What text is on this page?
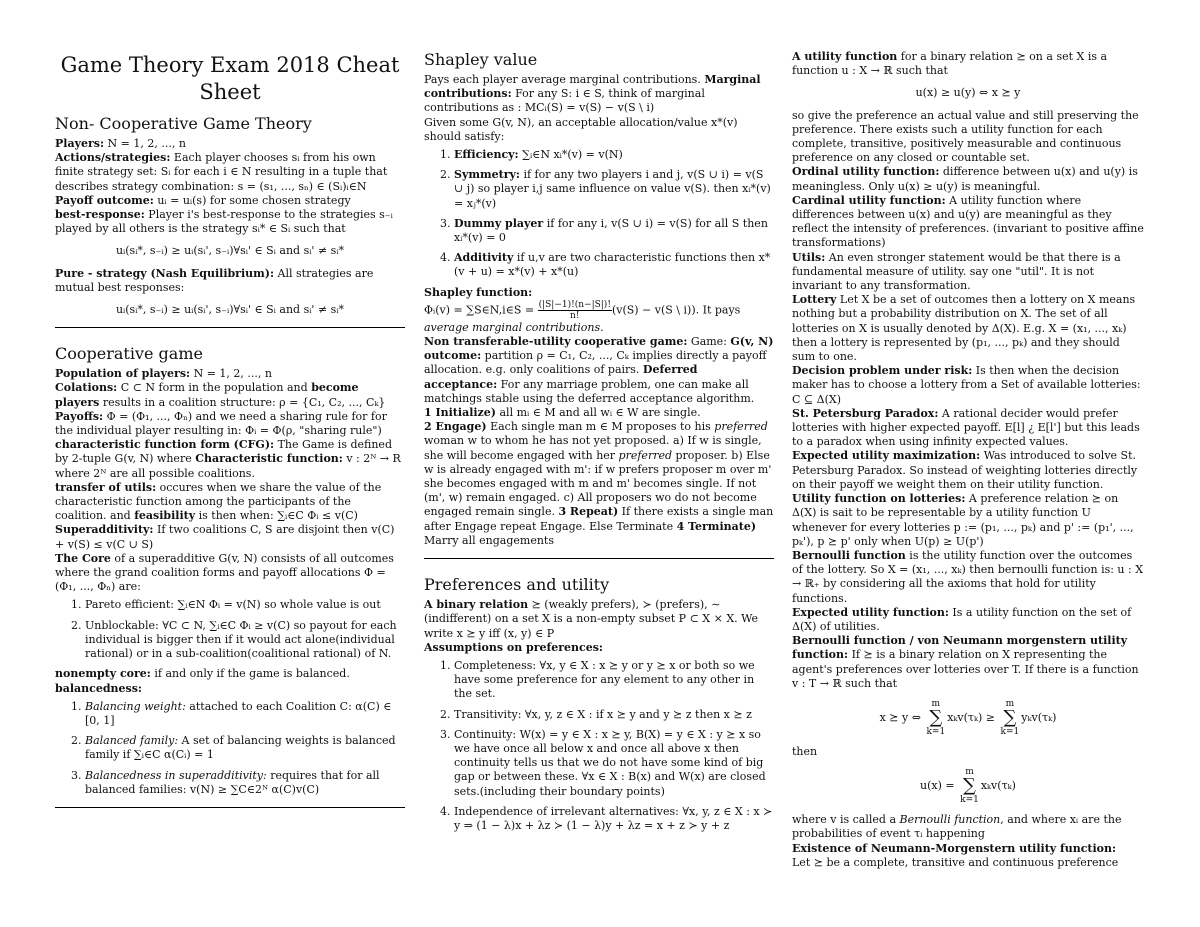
Game Theory Exam 2018 Cheat Sheet
Non- Cooperative Game Theory

Players: N = 1, 2, ..., n

Actions/strategies: Each player chooses sᵢ from his own finite strategy set: Sᵢ for each i ∈ N resulting in a tuple that describes strategy combination: s = (s₁, ..., sₙ) ∈ (Sᵢ)ᵢ∈N

Payoff outcome: uᵢ = uᵢ(s) for some chosen strategy

best-response: Player i's best-response to the strategies s₋ᵢ played by all others is the strategy sᵢ* ∈ Sᵢ such that

uᵢ(sᵢ*, s₋ᵢ) ≥ uᵢ(sᵢ', s₋ᵢ)∀sᵢ' ∈ Sᵢ and sᵢ' ≠ sᵢ*

Pure - strategy (Nash Equilibrium): All strategies are mutual best responses:

uᵢ(sᵢ*, s₋ᵢ) ≥ uᵢ(sᵢ', s₋ᵢ)∀sᵢ' ∈ Sᵢ and sᵢ' ≠ sᵢ*
Cooperative game

Population of players: N = 1, 2, ..., n

Colations: C ⊂ N form in the population and become players results in a coalition structure: ρ = {C₁, C₂, ..., Cₖ}

Payoffs: Φ = (Φ₁, ..., Φₙ) and we need a sharing rule for for the individual player resulting in: Φᵢ = Φ(ρ, "sharing rule")

characteristic function form (CFG): The Game is defined by 2-tuple G(v, N) where Characteristic function: v : 2ᴺ → R where 2ᴺ are all possible coalitions.

transfer of utils: occures when we share the value of the characteristic function among the participants of the coalition. and feasibility is then when: ∑ᵢ∈C Φᵢ ≤ v(C)

Superadditivity: If two coalitions C, S are disjoint then v(C) + v(S) ≤ v(C ∪ S)

The Core of a superadditive G(v, N) consists of all outcomes where the grand coalition forms and payoff allocations Φ = (Φ₁, ..., Φₙ) are:

1. Pareto efficient: ∑ᵢ∈N Φᵢ = v(N) so whole value is out
2. Unblockable: ∀C ⊂ N, ∑ᵢ∈C Φᵢ ≥ v(C) so payout for each individual is bigger then if it would act alone(individual rational) or in a sub-coalition(coalitional rational) of N.

nonempty core: if and only if the game is balanced.

balancedness:

1. Balancing weight: attached to each Coalition C: α(C) ∈ [0, 1]
2. Balanced family: A set of balancing weights is balanced family if ∑ᵢ∈C α(Cᵢ) = 1
3. Balancedness in superadditivity: requires that for all balanced families: v(N) ≥ ∑C∈2ᴺ α(C)v(C)
Shapley value

Pays each player average marginal contributions. Marginal contributions: For any S: i ∈ S, think of marginal contributions as : MCᵢ(S) = v(S) − v(S \ i)

Given some G(v, N), an acceptable allocation/value x*(v) should satisfy:

1. Efficiency: ∑ᵢ∈N xᵢ*(v) = v(N)
2. Symmetry: if for any two players i and j, v(S ∪ i) = v(S ∪ j) so player i,j same influence on value v(S). then xᵢ*(v) = xⱼ*(v)
3. Dummy player if for any i, v(S ∪ i) = v(S) for all S then xᵢ*(v) = 0
4. Additivity if u,v are two characteristic functions then x*(v + u) = x*(v) + x*(u)

Shapley function:

Φᵢ(v) = ∑S∈N,i∈S = $\frac{(|S|-1)!(n-|S|)!}{n!} (v(S) - v(S$ \ i)). It pays average marginal contributions.

Non transferable-utility cooperative game: Game: G(v, N) outcome: partition ρ = C₁, C₂, ..., Cₖ implies directly a payoff allocation. e.g. only coalitions of pairs. Deferred acceptance: For any marriage problem, one can make all matchings stable using the deferred acceptance algorithm.

1 Initialize) all mᵢ ∈ M and all wᵢ ∈ W are single.
2 Engage) Each single man m ∈ M proposes to his preferred woman w to whom he has not yet proposed. a) If w is single, she will become engaged with her preferred proposer. b) Else w is already engaged with m': if w prefers proposer m over m' she becomes engaged with m and m' becomes single. If not (m', w) remain engaged. c) All proposers wo do not become engaged remain single. 3 Repeat) If there exists a single man after Engage repeat Engage. Else Terminate 4 Terminate) Marry all engagements

Preferences and utility

A binary relation ⪰ (weakly prefers), ≻ (prefers), ∼ (indifferent) on a set X is a non-empty subset P ⊂ X × X. We write x ⪰ y iff (x, y) ∈ P

Assumptions on preferences:

1. Completeness: ∀x, y ∈ X : x ⪰ y or y ⪰ x or both so we have some preference for any element to any other in the set.
2. Transitivity: ∀x, y, z ∈ X : if x ⪰ y and y ⪰ z then x ⪰ z
3. Continuity: W(x) = y ∈ X : x ⪰ y, B(X) = y ∈ X : y ⪰ x so we have once all below x and once all above x then continuity tells us that we do not have some kind of big gap or between these. ∀x ∈ X : B(x) and W(x) are closed sets.(including their boundary points)
4. Independence of irrelevant alternatives: ∀x, y, z ∈ X : x ≻ y ⇒ (1 − λ)x + λz ≻ (1 − λ)y + λz = x + z ≻ y + z

A utility function for a binary relation ⪰ on a set X is a function u : X → ℝ such that

u(x) ≥ u(y) ⇔ x ⪰ y

so give the preference an actual value and still preserving the preference. There exists such a utility function for each complete, transitive, positively measurable and continuous preference on any closed or countable set.

Ordinal utility function: difference between u(x) and u(y) is meaningless. Only u(x) ≥ u(y) is meaningful.

Cardinal utility function: A utility function where differences between u(x) and u(y) are meaningful as they reflect the intensity of preferences. (invariant to positive affine transformations)

Utils: An even stronger statement would be that there is a fundamental measure of utility. say one "util". It is not invariant to any transformation.

Lottery Let X be a set of outcomes then a lottery on X means nothing but a probability distribution on X. The set of all lotteries on X is usually denoted by Δ(X). E.g. X = (x₁, ..., xₖ) then a lottery is represented by (p₁, ..., pₖ) and they should sum to one.

Decision problem under risk: Is then when the decision maker has to choose a lottery from a Set of available lotteries: C ⊆ Δ(X)

St. Petersburg Paradox: A rational decider would prefer lotteries with higher expected payoff. E[l] ¿ E[l'] but this leads to a paradox when using infinity expected values.

Expected utility maximization: Was introduced to solve St. Petersburg Paradox. So instead of weighting lotteries directly on their payoff we weight them on their utility function.

Utility function on lotteries: A preference relation ⪰ on Δ(X) is sait to be representable by a utility function U whenever for every lotteries p := (p₁, ..., pₖ) and p' := (p₁', ..., pₖ'), p ⪰ p' only when U(p) ≥ U(p')

Bernoulli function is the utility function over the outcomes of the lottery. So X = (x₁, ..., xₖ) then bernoulli function is: u : X → ℝ₊ by considering all the axioms that hold for utility functions.

Expected utility function: Is a utility function on the set of Δ(X) of utilities.

Bernoulli function / von Neumann morgenstern utility function: If ⪰ is a binary relation on X representing the agent's preferences over lotteries over T. If there is a function v : T → ℝ such that

x ⪰ y ⇔ m
∑
k=1xₖv(τₖ) ≥ m
∑
k=1yₖv(τₖ)

then

u(x) = m
∑
k=1xₖv(τₖ)

where v is called a Bernoulli function, and where xᵢ are the probabilities of event τᵢ happening

Existence of Neumann-Morgenstern utility function:

Let ⪰ be a complete, transitive and continuous preference
